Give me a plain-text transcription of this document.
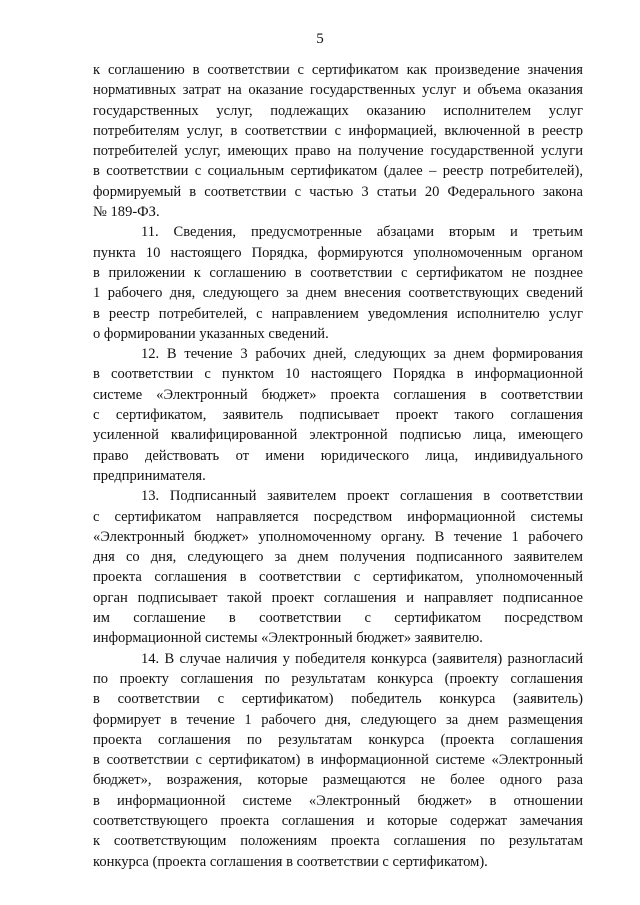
5
к соглашению в соответствии с сертификатом как произведение значения
нормативных затрат на оказание государственных услуг и объема оказания
государственных услуг, подлежащих оказанию исполнителем услуг
потребителям услуг, в соответствии с информацией, включенной в реестр
потребителей услуг, имеющих право на получение государственной услуги
в соответствии с социальным сертификатом (далее – реестр потребителей),
формируемый в соответствии с частью 3 статьи 20 Федерального закона
№ 189-ФЗ.
11. Сведения, предусмотренные абзацами вторым и третьим
пункта 10 настоящего Порядка, формируются уполномоченным органом
в приложении к соглашению в соответствии с сертификатом не позднее
1 рабочего дня, следующего за днем внесения соответствующих сведений
в реестр потребителей, с направлением уведомления исполнителю услуг
о формировании указанных сведений.
12. В течение 3 рабочих дней, следующих за днем формирования
в соответствии с пунктом 10 настоящего Порядка в информационной
системе «Электронный бюджет» проекта соглашения в соответствии
с сертификатом, заявитель подписывает проект такого соглашения
усиленной квалифицированной электронной подписью лица, имеющего
право действовать от имени юридического лица, индивидуального
предпринимателя.
13. Подписанный заявителем проект соглашения в соответствии
с сертификатом направляется посредством информационной системы
«Электронный бюджет» уполномоченному органу. В течение 1 рабочего
дня со дня, следующего за днем получения подписанного заявителем
проекта соглашения в соответствии с сертификатом, уполномоченный
орган подписывает такой проект соглашения и направляет подписанное
им соглашение в соответствии с сертификатом посредством
информационной системы «Электронный бюджет» заявителю.
14. В случае наличия у победителя конкурса (заявителя) разногласий
по проекту соглашения по результатам конкурса (проекту соглашения
в соответствии с сертификатом) победитель конкурса (заявитель)
формирует в течение 1 рабочего дня, следующего за днем размещения
проекта соглашения по результатам конкурса (проекта соглашения
в соответствии с сертификатом) в информационной системе «Электронный
бюджет», возражения, которые размещаются не более одного раза
в информационной системе «Электронный бюджет» в отношении
соответствующего проекта соглашения и которые содержат замечания
к соответствующим положениям проекта соглашения по результатам
конкурса (проекта соглашения в соответствии с сертификатом).
